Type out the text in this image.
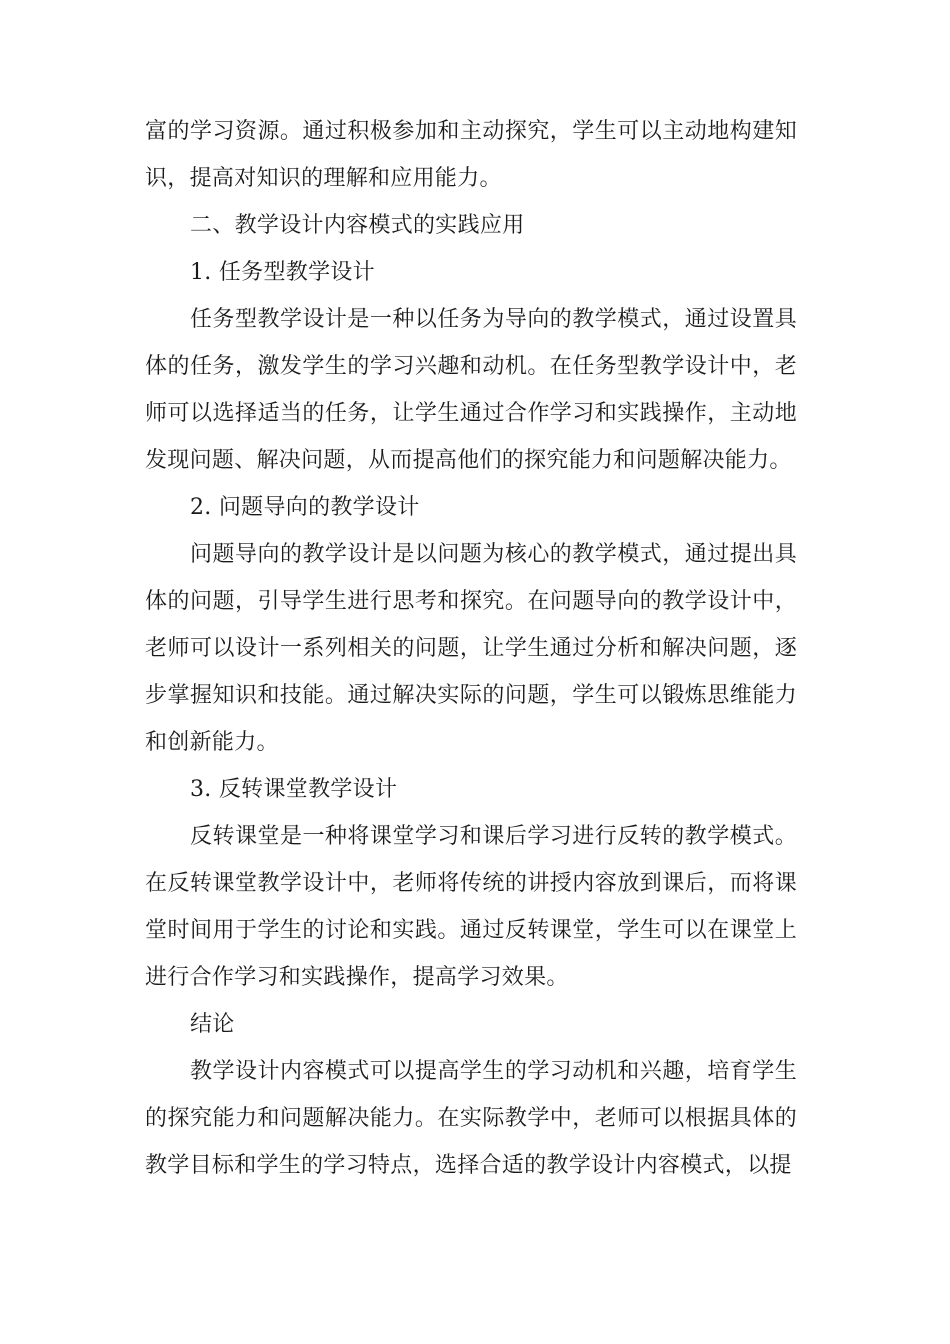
富的学习资源。通过积极参加和主动探究，学生可以主动地构建知识，提高对知识的理解和应用能力。

二、教学设计内容模式的实践应用

1. 任务型教学设计

任务型教学设计是一种以任务为导向的教学模式，通过设置具体的任务，激发学生的学习兴趣和动机。在任务型教学设计中，老师可以选择适当的任务，让学生通过合作学习和实践操作，主动地发现问题、解决问题，从而提高他们的探究能力和问题解决能力。

2. 问题导向的教学设计

问题导向的教学设计是以问题为核心的教学模式，通过提出具体的问题，引导学生进行思考和探究。在问题导向的教学设计中，老师可以设计一系列相关的问题，让学生通过分析和解决问题，逐步掌握知识和技能。通过解决实际的问题，学生可以锻炼思维能力和创新能力。

3. 反转课堂教学设计

反转课堂是一种将课堂学习和课后学习进行反转的教学模式。在反转课堂教学设计中，老师将传统的讲授内容放到课后，而将课堂时间用于学生的讨论和实践。通过反转课堂，学生可以在课堂上进行合作学习和实践操作，提高学习效果。

结论

教学设计内容模式可以提高学生的学习动机和兴趣，培育学生的探究能力和问题解决能力。在实际教学中，老师可以根据具体的教学目标和学生的学习特点，选择合适的教学设计内容模式，以提
